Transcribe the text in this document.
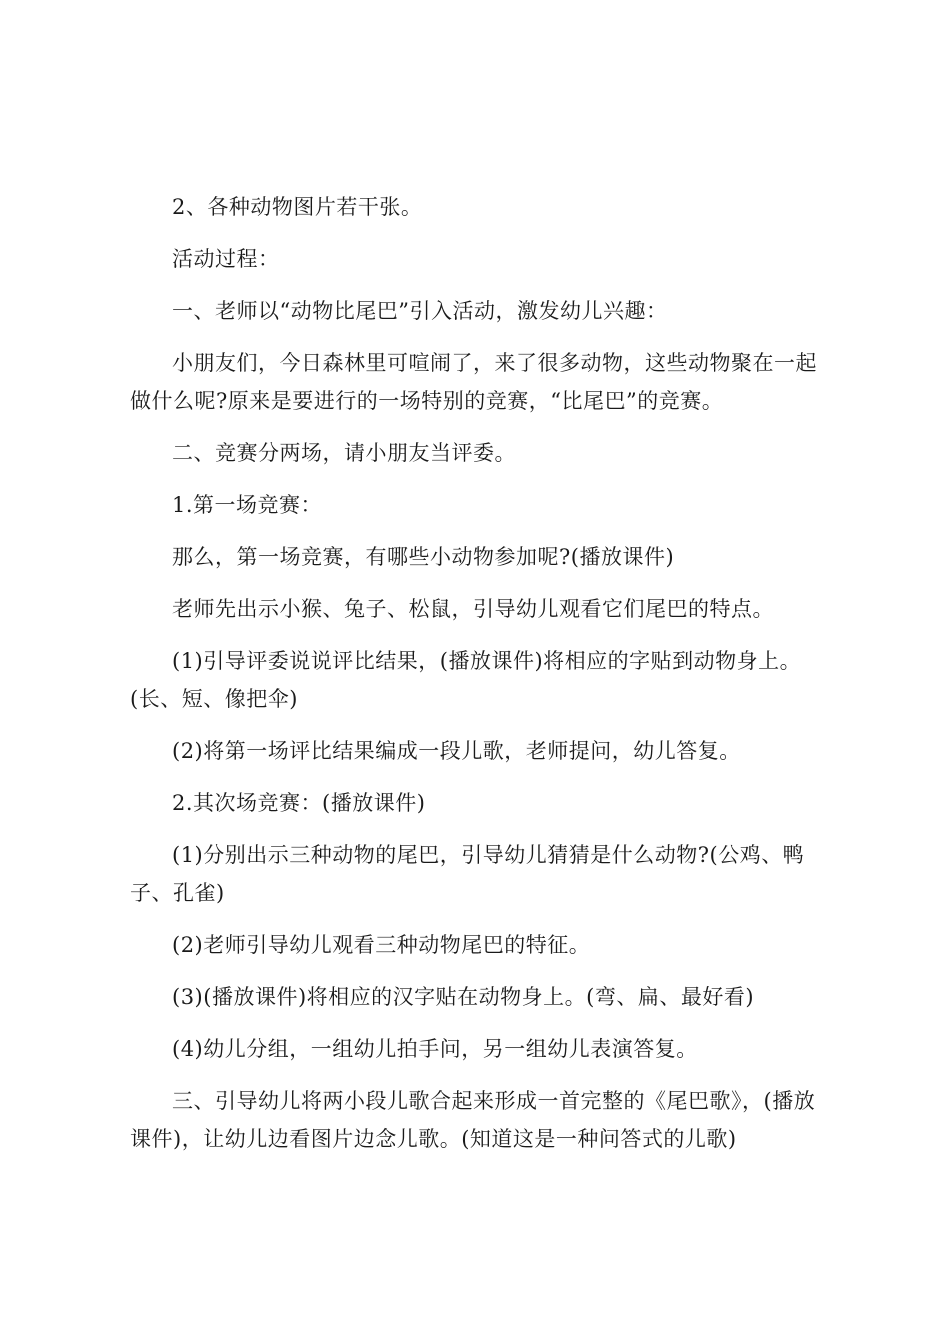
2、各种动物图片若干张。

活动过程：

一、老师以“动物比尾巴”引入活动，激发幼儿兴趣：

小朋友们，今日森林里可喧闹了，来了很多动物，这些动物聚在一起做什么呢?原来是要进行的一场特别的竞赛，“比尾巴”的竞赛。

二、竞赛分两场，请小朋友当评委。

1.第一场竞赛：

那么，第一场竞赛，有哪些小动物参加呢?(播放课件)

老师先出示小猴、兔子、松鼠，引导幼儿观看它们尾巴的特点。

(1)引导评委说说评比结果，(播放课件)将相应的字贴到动物身上。(长、短、像把伞)

(2)将第一场评比结果编成一段儿歌，老师提问，幼儿答复。

2.其次场竞赛：(播放课件)

(1)分别出示三种动物的尾巴，引导幼儿猜猜是什么动物?(公鸡、鸭子、孔雀)

(2)老师引导幼儿观看三种动物尾巴的特征。

(3)(播放课件)将相应的汉字贴在动物身上。(弯、扁、最好看)

(4)幼儿分组，一组幼儿拍手问，另一组幼儿表演答复。

三、引导幼儿将两小段儿歌合起来形成一首完整的《尾巴歌》，(播放课件)，让幼儿边看图片边念儿歌。(知道这是一种问答式的儿歌)
